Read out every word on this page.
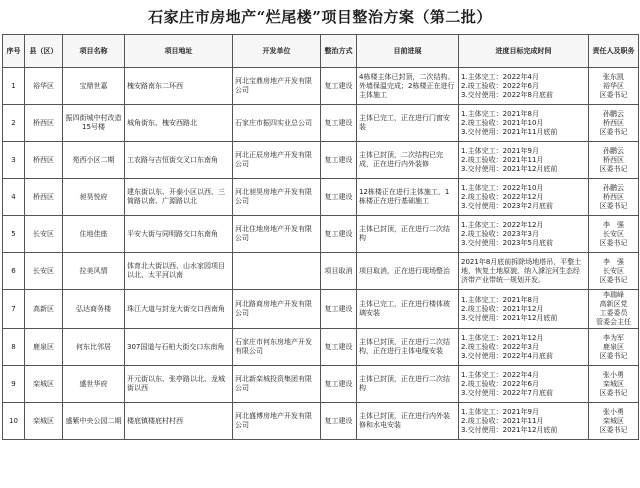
石家庄市房地产“烂尾楼”项目整治方案（第二批）
序号	县（区）	项目名称	项目地址	开发单位	整治方式	目前进展	进度目标完成时间	责任人及职务
1	裕华区	宝鼎世嘉	槐安路南东二环西	河北宝鼎房地产开发有限公司	复工建设	4栋楼主体已封顶，二次结构、外墙保温完成；2栋楼正在进行主体施工	1.主体完工：2022年4月
2.竣工验收：2022年6月
3.交付使用：2022年8月底前	张东凯
裕华区
区委书记

2	桥西区	振四街城中村改造15号楼	城角街东、槐安西路北	石家庄市振四实业总公司	复工建设	主体已完工，正在进行门窗安装	1.主体完工：2021年8月
2.竣工验收：2021年10月
3.交付使用：2021年11月底前	孙鹏云
桥西区
区委书记

3	桥西区	苑西小区二期	工农路与吉恒街交叉口东南角	河北正辰房地产开发有限公司	复工建设	主体已封顶，二次结构已完成，正在进行内外装修	1.主体完工：2021年9月
2.竣工验收：2021年11月
3.交付使用：2021年12月底前	孙鹏云
桥西区
区委书记

4	桥西区	昶昊悦府	建东街以东、开泰小区以西、三简路以南、广源路以北	河北昶昊房地产开发有限公司	复工建设	12栋楼正在进行主体施工，1栋楼正在进行基础施工	1.主体完工：2022年10月
2.竣工验收：2022年12月
3.交付使用：2023年2月底前	孙鹏云
桥西区
区委书记

5	长安区	住地佳座	平安大街与同明路交口东南角	河北住地房地产开发有限公司	复工建设	主体已封顶，正在进行二次结构	1.主体完工：2022年12月
2.竣工验收：2023年3月
3.交付使用：2023年5月底前	李　强
长安区
区委书记

6	长安区	拉美风情	体育北大街以西、山水家园项目以北、太平河以南		项目取消	项目取消，正在进行现场整治	2021年8月底前拆除场地塔吊，平整土地，恢复土地原貌，纳入滹沱河生态经济带产业带统一规划开发。	李　强
长安区
区委书记

7	高新区	弘达商务楼	珠江大道与封龙大街交口西南角	河北路商房地产开发有限公司	复工建设	主体已完工，正在进行楼体玻璃安装	1.主体完工：2021年8月
2.竣工验收：2021年12月
3.交付使用：2021年12月底前	李瑞峰
高新区党
工委委员
管委会主任

8	鹿泉区	何东比邻居	307国道与石柏大街交口东南角	石家庄市何东房地产开发有限公司	复工建设	主体已封顶，正在进行二次结构，正在进行主体电缆安装	1.主体完工：2021年12月
2.竣工验收：2022年3月
3.交付使用：2022年4月底前	李为军
鹿泉区
区委书记

9	栾城区	盛世华府	开元街以东、张亭路以北、龙城街以西	河北新栾城投资集团有限公司	复工建设	主体已封顶，正在进行二次结构	1.主体完工：2022年4月
2.竣工验收：2022年6月
3.交付使用：2022年7月底前	张小勇
栾城区
区委书记

10	栾城区	盛紫中央公园二期	楼底镇楼底村村西	河北盛博房地产开发有限公司	复工建设	主体已封顶，正在进行内外装修和水电安装	1.主体完工：2021年9月
2.竣工验收：2021年11月
3.交付使用：2021年12月底前	张小勇
栾城区
区委书记
